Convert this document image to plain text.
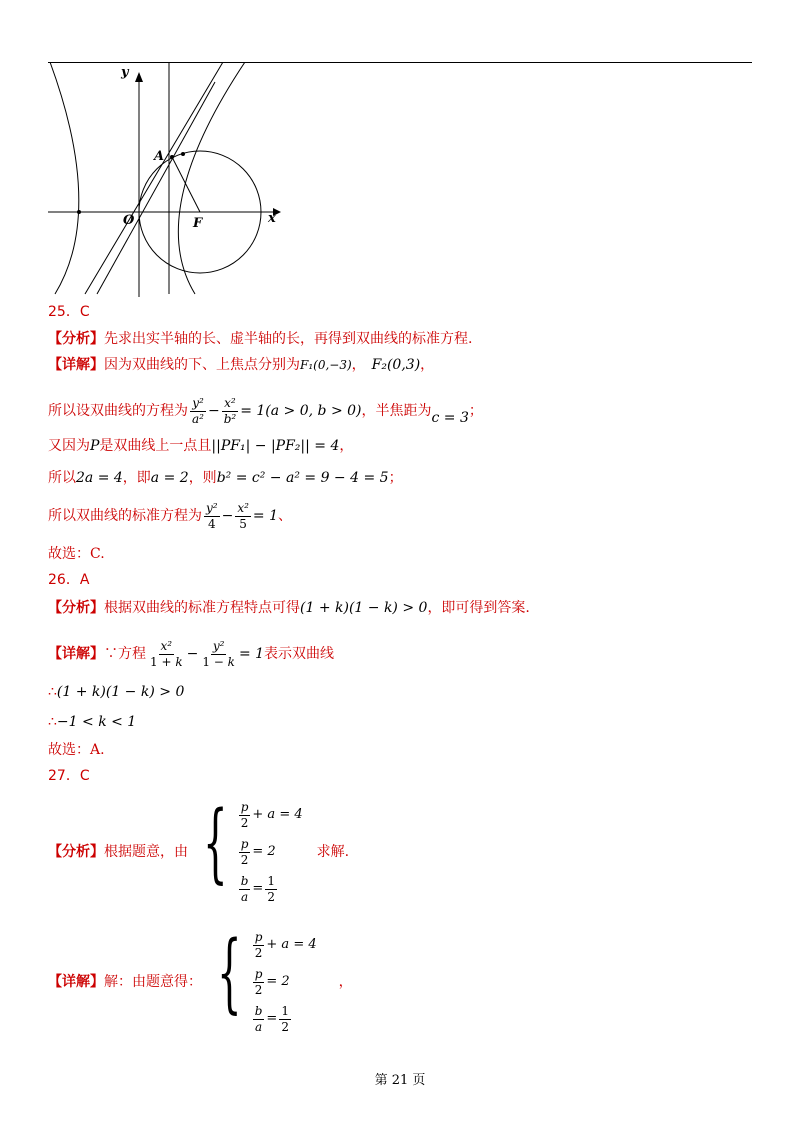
y
x
A
O	F
25．C
【分析】 先求出实半轴的长、虚半轴的长，再得到双曲线的标准方程.
【详解】 因为双曲线的下、上焦点分别为 F₁(0,−3) ， F₂(0,3) ，
所以设双曲线的方程为 $\frac{\text{y²}}{\text{a²}} - \frac{\text{x²}}{\text{b²}} = 1(a > 0$, b > 0) ，半焦距为 c = 3 ；
又因为 P 是双曲线上一点且 ||PF₁| − |PF₂|| = 4 ，
所以 2a = 4 ，即 a = 2 ，则 b² = c² − a² = 9 − 4 = 5 ；
所以双曲线的标准方程为 $\frac{\text{y²}}{4} - \frac{\text{x²}}{5} = 1$ 、
故选：C.
26．A
【分析】 根据双曲线的标准方程特点可得 (1 + k)(1 − k) > 0 ，即可得到答案.
【详解】 ∵方程 $\frac{\text{x²}}{1 + k} - \frac{\text{y²}}{1 - k} = 1$ 表示双曲线
∴ (1 + k)(1 − k) > 0
∴ −1 < k < 1
故选：A.
27．C
【分析】 根据题意，由 { $\frac{p}{2} + a = 4$
$\frac{p}{2} = 2$
$\frac{b}{a} = \frac{1}{2}$
求解.
【详解】 解：由题意得： { $\frac{p}{2} + a = 4$
$\frac{p}{2} = 2$
$\frac{b}{a} = \frac{1}{2}$
，
第 21 页
